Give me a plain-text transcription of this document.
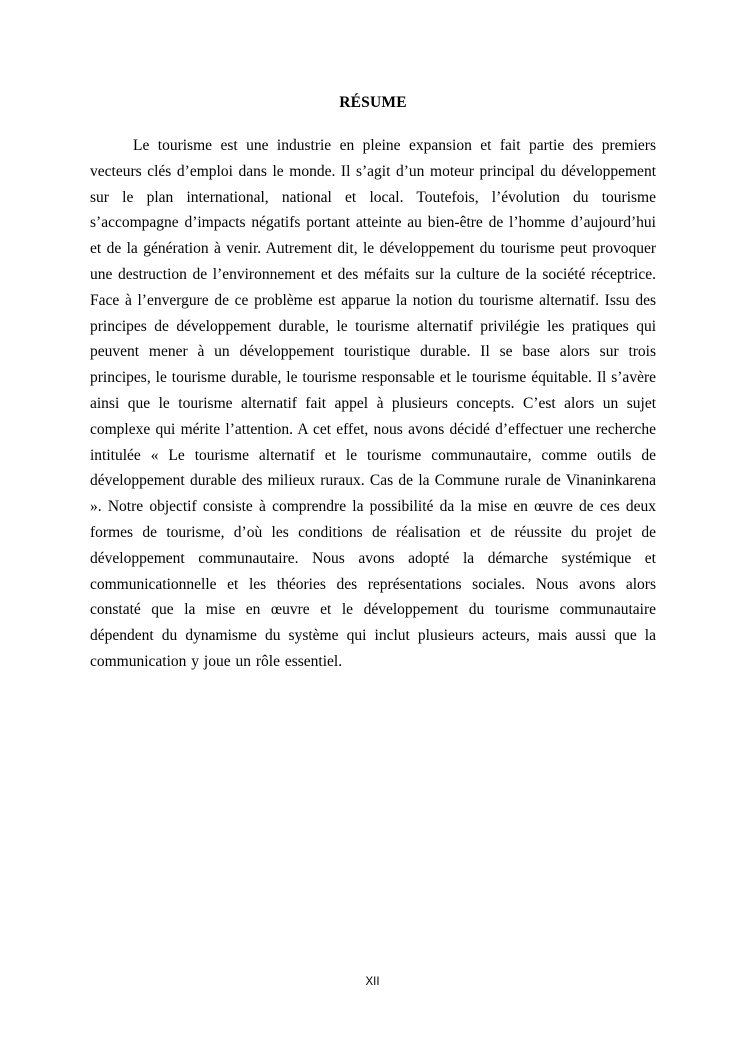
RÉSUME

Le tourisme est une industrie en pleine expansion et fait partie des premiers vecteurs clés d’emploi dans le monde. Il s’agit d’un moteur principal du développement sur le plan international, national et local. Toutefois, l’évolution du tourisme s’accompagne d’impacts négatifs portant atteinte au bien-être de l’homme d’aujourd’hui et de la génération à venir. Autrement dit, le développement du tourisme peut provoquer une destruction de l’environnement et des méfaits sur la culture de la société réceptrice. Face à l’envergure de ce problème est apparue la notion du tourisme alternatif. Issu des principes de développement durable, le tourisme alternatif privilégie les pratiques qui peuvent mener à un développement touristique durable. Il se base alors sur trois principes, le tourisme durable, le tourisme responsable et le tourisme équitable. Il s’avère ainsi que le tourisme alternatif fait appel à plusieurs concepts. C’est alors un sujet complexe qui mérite l’attention. A cet effet, nous avons décidé d’effectuer une recherche intitulée « Le tourisme alternatif et le tourisme communautaire, comme outils de développement durable des milieux ruraux. Cas de la Commune rurale de Vinaninkarena ». Notre objectif consiste à comprendre la possibilité da la mise en œuvre de ces deux formes de tourisme, d’où les conditions de réalisation et de réussite du projet de développement communautaire. Nous avons adopté la démarche systémique et communicationnelle et les théories des représentations sociales. Nous avons alors constaté que la mise en œuvre et le développement du tourisme communautaire dépendent du dynamisme du système qui inclut plusieurs acteurs, mais aussi que la communication y joue un rôle essentiel.

XII
